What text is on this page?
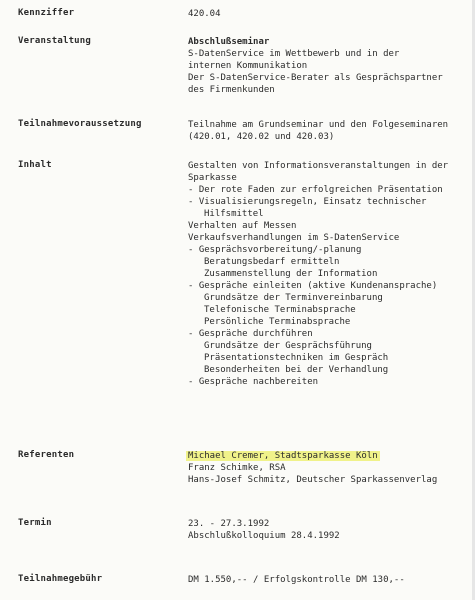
Kennziffer	420.04
Veranstaltung	Abschlußseminar
S-DatenService im Wettbewerb und in der
internen Kommunikation
Der S-DatenService-Berater als Gesprächspartner
des Firmenkunden
Teilnahmevoraussetzung	Teilnahme am Grundseminar und den Folgeseminaren
(420.01, 420.02 und 420.03)
Inhalt	Gestalten von Informationsveranstaltungen in der
Sparkasse
- Der rote Faden zur erfolgreichen Präsentation
- Visualisierungsregeln, Einsatz technischer
Hilfsmittel
Verhalten auf Messen
Verkaufsverhandlungen im S-DatenService
- Gesprächsvorbereitung/-planung
Beratungsbedarf ermitteln
Zusammenstellung der Information
- Gespräche einleiten (aktive Kundenansprache)
Grundsätze der Terminvereinbarung
Telefonische Terminabsprache
Persönliche Terminabsprache
- Gespräche durchführen
Grundsätze der Gesprächsführung
Präsentationstechniken im Gespräch
Besonderheiten bei der Verhandlung
- Gespräche nachbereiten
Referenten	Michael Cremer, Stadtsparkasse Köln
Franz Schimke, RSA
Hans-Josef Schmitz, Deutscher Sparkassenverlag
Termin	23. - 27.3.1992
Abschlußkolloquium 28.4.1992
Teilnahmegebühr	DM 1.550,-- / Erfolgskontrolle DM 130,--
